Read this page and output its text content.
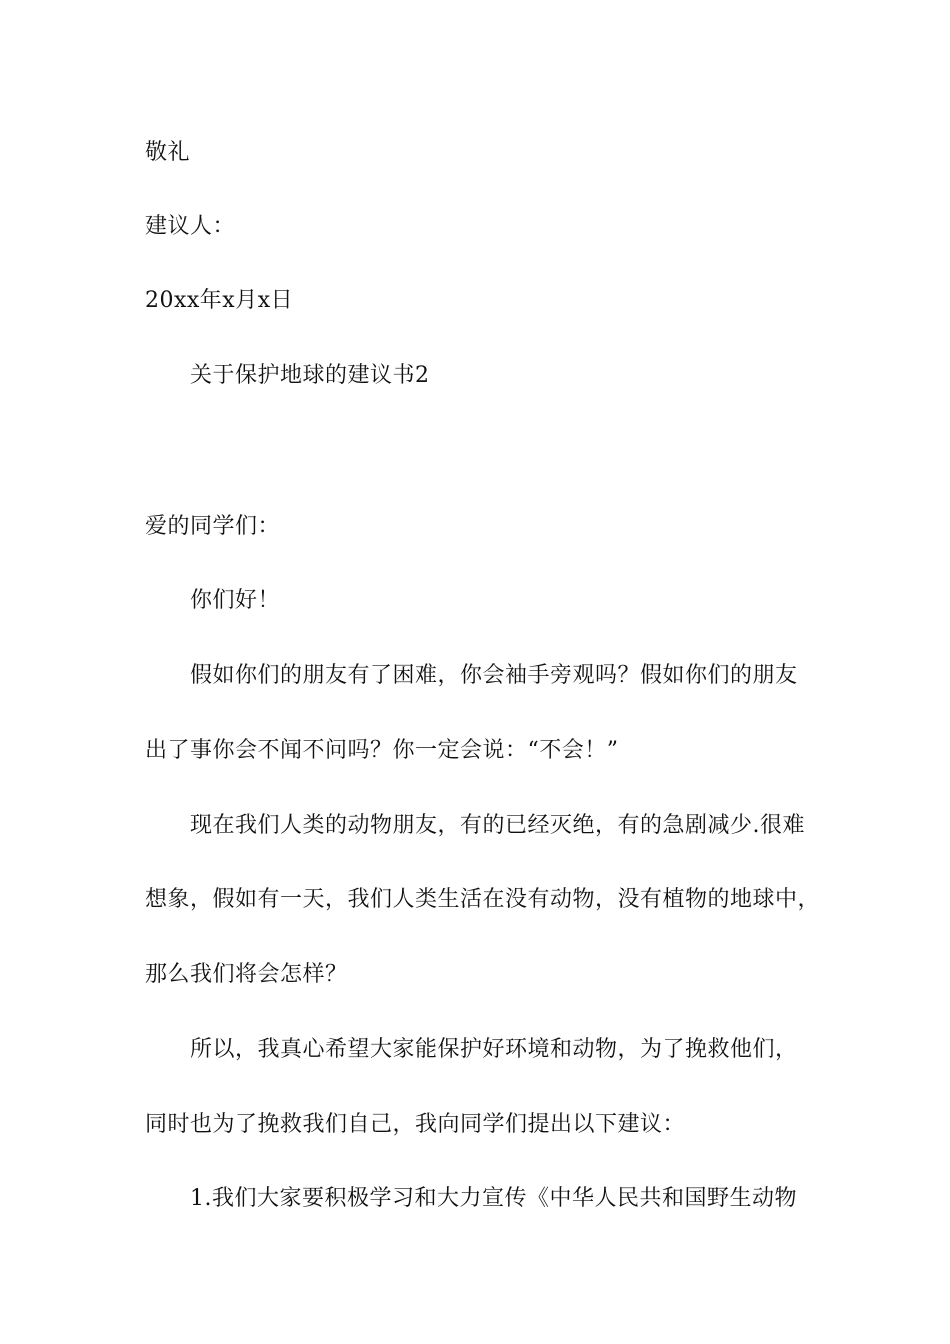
敬礼
建议人：
20xx年x月x日
关于保护地球的建议书2
爱的同学们：
你们好！
假如你们的朋友有了困难，你会袖手旁观吗？假如你们的朋友
出了事你会不闻不问吗？你一定会说：“不会！”
现在我们人类的动物朋友，有的已经灭绝，有的急剧减少.很难
想象，假如有一天，我们人类生活在没有动物，没有植物的地球中，
那么我们将会怎样？
所以，我真心希望大家能保护好环境和动物，为了挽救他们，
同时也为了挽救我们自己，我向同学们提出以下建议：
1.我们大家要积极学习和大力宣传《中华人民共和国野生动物
